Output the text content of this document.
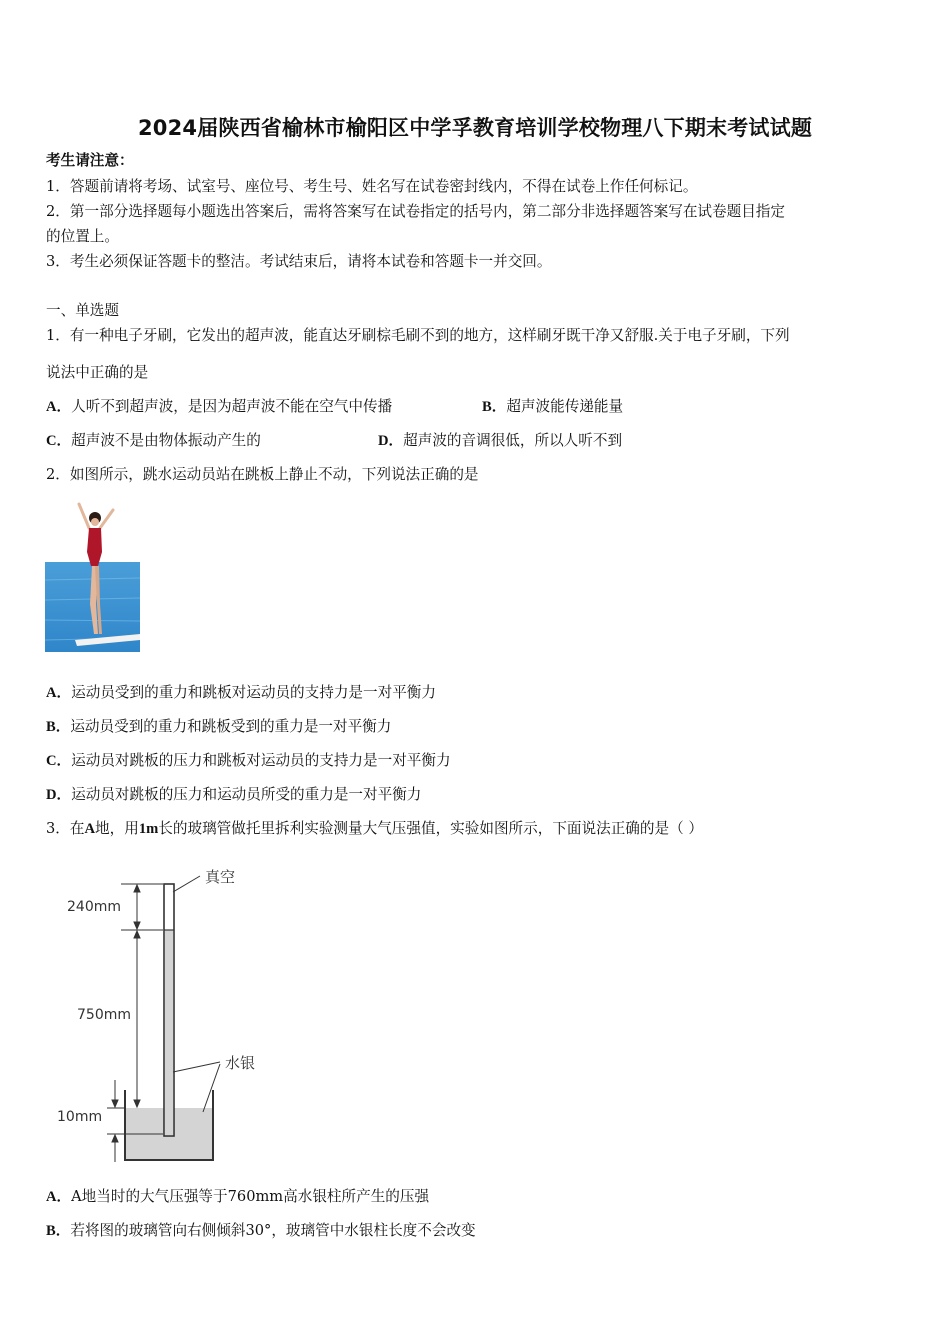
2024届陕西省榆林市榆阳区中学孚教育培训学校物理八下期末考试试题
考生请注意：
1．答题前请将考场、试室号、座位号、考生号、姓名写在试卷密封线内，不得在试卷上作任何标记。
2．第一部分选择题每小题选出答案后，需将答案写在试卷指定的括号内，第二部分非选择题答案写在试卷题目指定
的位置上。
3．考生必须保证答题卡的整洁。考试结束后，请将本试卷和答题卡一并交回。
一、单选题
1．有一种电子牙刷，它发出的超声波，能直达牙刷棕毛刷不到的地方，这样刷牙既干净又舒服.关于电子牙刷，下列
说法中正确的是
A．人听不到超声波，是因为超声波不能在空气中传播	B．超声波能传递能量
C．超声波不是由物体振动产生的	D．超声波的音调很低，所以人听不到
2．如图所示，跳水运动员站在跳板上静止不动，下列说法正确的是
A．运动员受到的重力和跳板对运动员的支持力是一对平衡力
B．运动员受到的重力和跳板受到的重力是一对平衡力
C．运动员对跳板的压力和跳板对运动员的支持力是一对平衡力
D．运动员对跳板的压力和运动员所受的重力是一对平衡力
3．在A地，用1m长的玻璃管做托里拆利实验测量大气压强值，实验如图所示，下面说法正确的是（ ）
真空
水银
240mm
750mm
10mm
A．A地当时的大气压强等于760mm高水银柱所产生的压强
B．若将图的玻璃管向右侧倾斜30°，玻璃管中水银柱长度不会改变
